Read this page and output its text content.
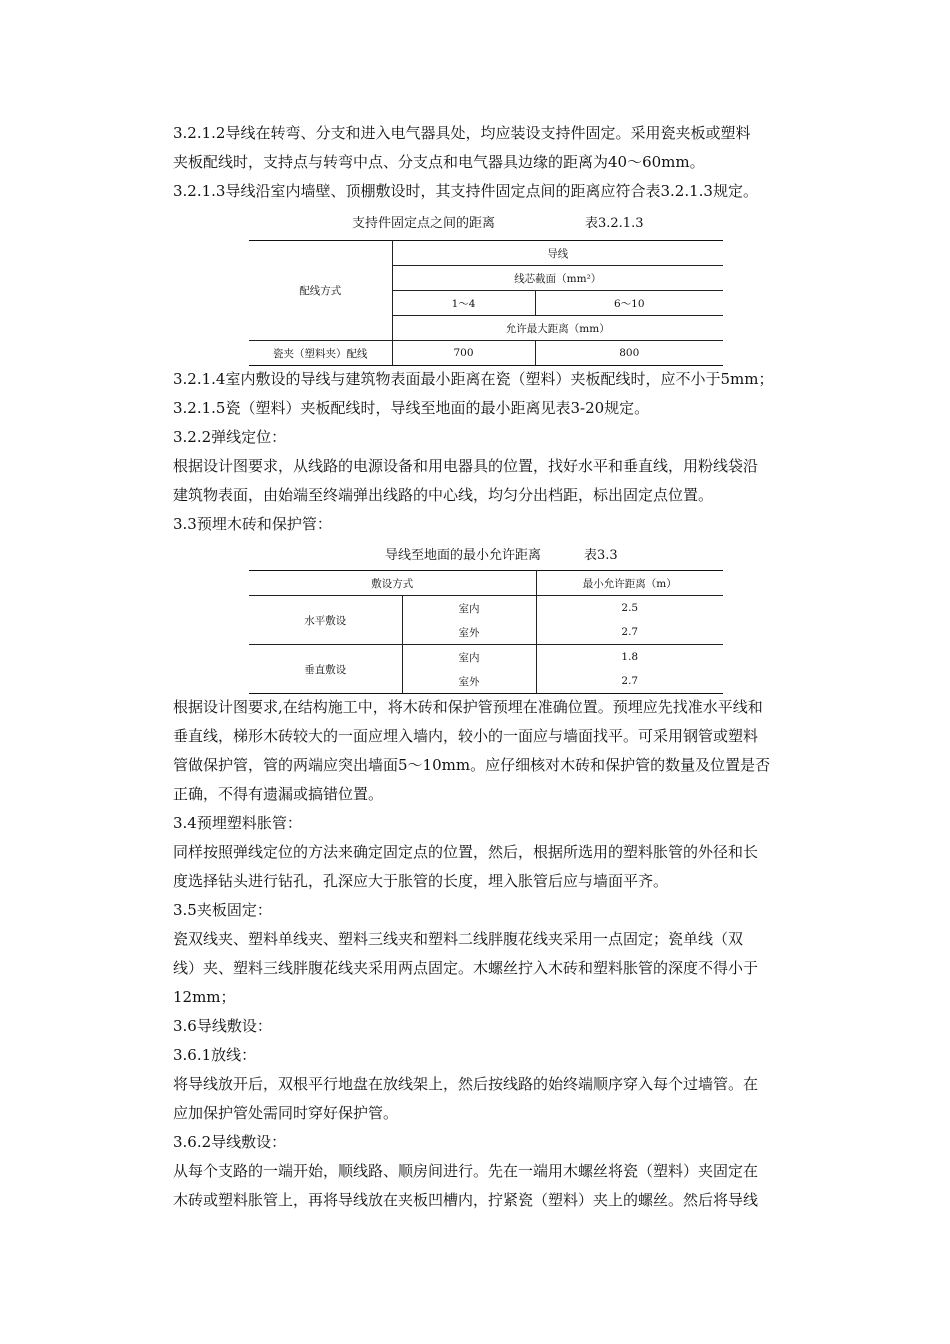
3.2.1.2导线在转弯、分支和进入电气器具处，均应装设支持件固定。采用瓷夹板或塑料
夹板配线时，支持点与转弯中点、分支点和电气器具边缘的距离为40～60mm。
3.2.1.3导线沿室内墙壁、顶棚敷设时，其支持件固定点间的距离应符合表3.2.1.3规定。
支持件固定点之间的距离	表3.2.1.3
配线方式	导线	
	线芯截面（mm²）	
	1～4	6～10
	允许最大距离（mm）	
瓷夹（塑料夹）配线	700	800
3.2.1.4室内敷设的导线与建筑物表面最小距离在瓷（塑料）夹板配线时，应不小于5mm；
3.2.1.5瓷（塑料）夹板配线时，导线至地面的最小距离见表3-20规定。
3.2.2弹线定位：
根据设计图要求，从线路的电源设备和用电器具的位置，找好水平和垂直线，用粉线袋沿
建筑物表面，由始端至终端弹出线路的中心线，均匀分出档距，标出固定点位置。
3.3预埋木砖和保护管：
导线至地面的最小允许距离	表3.3
敷设方式		最小允许距离（m）
水平敷设	室内	2.5
	室外	2.7
垂直敷设	室内	1.8
	室外	2.7
根据设计图要求,在结构施工中，将木砖和保护管预埋在准确位置。预埋应先找准水平线和
垂直线，梯形木砖较大的一面应埋入墙内，较小的一面应与墙面找平。可采用钢管或塑料
管做保护管，管的两端应突出墙面5～10mm。应仔细核对木砖和保护管的数量及位置是否
正确，不得有遗漏或搞错位置。
3.4预埋塑料胀管：
同样按照弹线定位的方法来确定固定点的位置，然后，根据所选用的塑料胀管的外径和长
度选择钻头进行钻孔，孔深应大于胀管的长度，埋入胀管后应与墙面平齐。
3.5夹板固定：
瓷双线夹、塑料单线夹、塑料三线夹和塑料二线胖腹花线夹采用一点固定；瓷单线（双
线）夹、塑料三线胖腹花线夹采用两点固定。木螺丝拧入木砖和塑料胀管的深度不得小于
12mm；
3.6导线敷设：
3.6.1放线：
将导线放开后，双根平行地盘在放线架上，然后按线路的始终端顺序穿入每个过墙管。在
应加保护管处需同时穿好保护管。
3.6.2导线敷设：
从每个支路的一端开始，顺线路、顺房间进行。先在一端用木螺丝将瓷（塑料）夹固定在
木砖或塑料胀管上，再将导线放在夹板凹槽内，拧紧瓷（塑料）夹上的螺丝。然后将导线
